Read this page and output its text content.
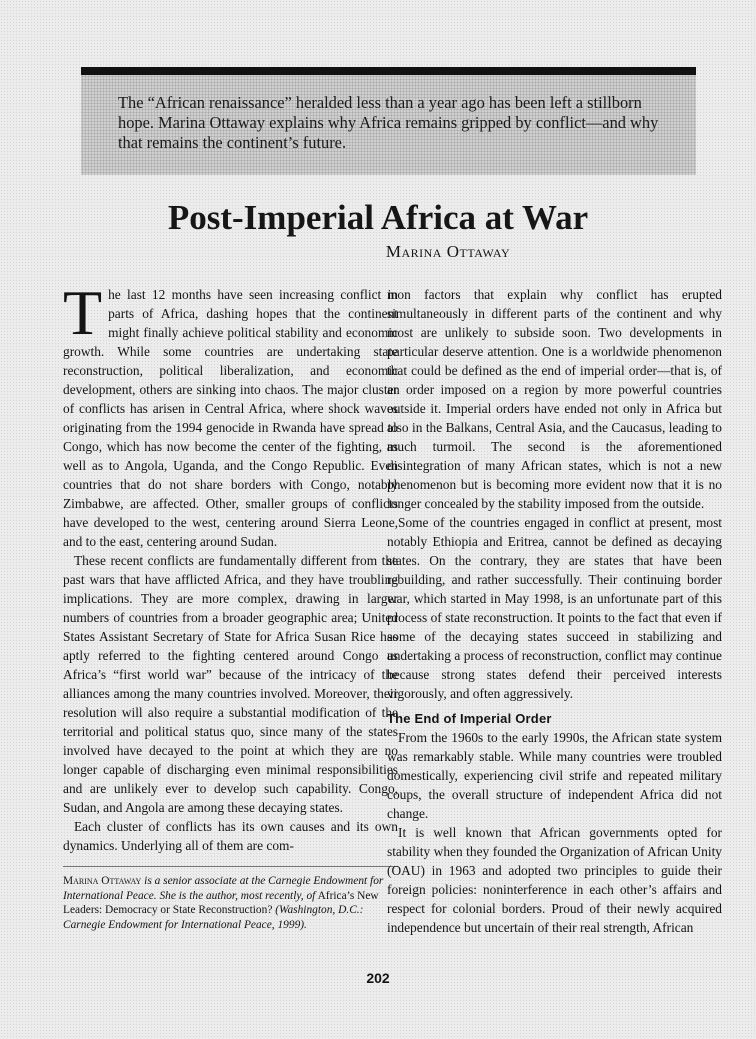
The “African renaissance” heralded less than a year ago has been left a stillborn hope. Marina Ottaway explains why Africa remains gripped by conflict—and why that remains the continent’s future.

Post-Imperial Africa at War

Marina Ottaway

The last 12 months have seen increasing conflict in parts of Africa, dashing hopes that the continent might finally achieve political stability and economic growth. While some countries are undertaking state reconstruction, political liberalization, and economic development, others are sinking into chaos. The major cluster of conflicts has arisen in Central Africa, where shock waves originating from the 1994 genocide in Rwanda have spread to Congo, which has now become the center of the fighting, as well as to Angola, Uganda, and the Congo Republic. Even countries that do not share borders with Congo, notably Zimbabwe, are affected. Other, smaller groups of conflicts have developed to the west, centering around Sierra Leone, and to the east, centering around Sudan.

These recent conflicts are fundamentally different from the past wars that have afflicted Africa, and they have troubling implications. They are more complex, drawing in larger numbers of countries from a broader geographic area; United States Assistant Secretary of State for Africa Susan Rice has aptly referred to the fighting centered around Congo as Africa’s “first world war” because of the intricacy of the alliances among the many countries involved. Moreover, their resolution will also require a substantial modification of the territorial and political status quo, since many of the states involved have decayed to the point at which they are no longer capable of discharging even minimal responsibilities and are unlikely ever to develop such capability. Congo, Sudan, and Angola are among these decaying states.

Each cluster of conflicts has its own causes and its own dynamics. Underlying all of them are com-

Marina Ottaway is a senior associate at the Carnegie Endowment for International Peace. She is the author, most recently, of Africa’s New Leaders: Democracy or State Reconstruction? (Washington, D.C.: Carnegie Endowment for International Peace, 1999).

mon factors that explain why conflict has erupted simultaneously in different parts of the continent and why most are unlikely to subside soon. Two developments in particular deserve attention. One is a worldwide phenomenon that could be defined as the end of imperial order—that is, of an order imposed on a region by more powerful countries outside it. Imperial orders have ended not only in Africa but also in the Balkans, Central Asia, and the Caucasus, leading to much turmoil. The second is the aforementioned disintegration of many African states, which is not a new phenomenon but is becoming more evident now that it is no longer concealed by the stability imposed from the outside.

Some of the countries engaged in conflict at present, most notably Ethiopia and Eritrea, cannot be defined as decaying states. On the contrary, they are states that have been rebuilding, and rather successfully. Their continuing border war, which started in May 1998, is an unfortunate part of this process of state reconstruction. It points to the fact that even if some of the decaying states succeed in stabilizing and undertaking a process of reconstruction, conflict may continue because strong states defend their perceived interests vigorously, and often aggressively.

The End of Imperial Order

From the 1960s to the early 1990s, the African state system was remarkably stable. While many countries were troubled domestically, experiencing civil strife and repeated military coups, the overall structure of independent Africa did not change.

It is well known that African governments opted for stability when they founded the Organization of African Unity (OAU) in 1963 and adopted two principles to guide their foreign policies: noninterference in each other’s affairs and respect for colonial borders. Proud of their newly acquired independence but uncertain of their real strength, African

202
